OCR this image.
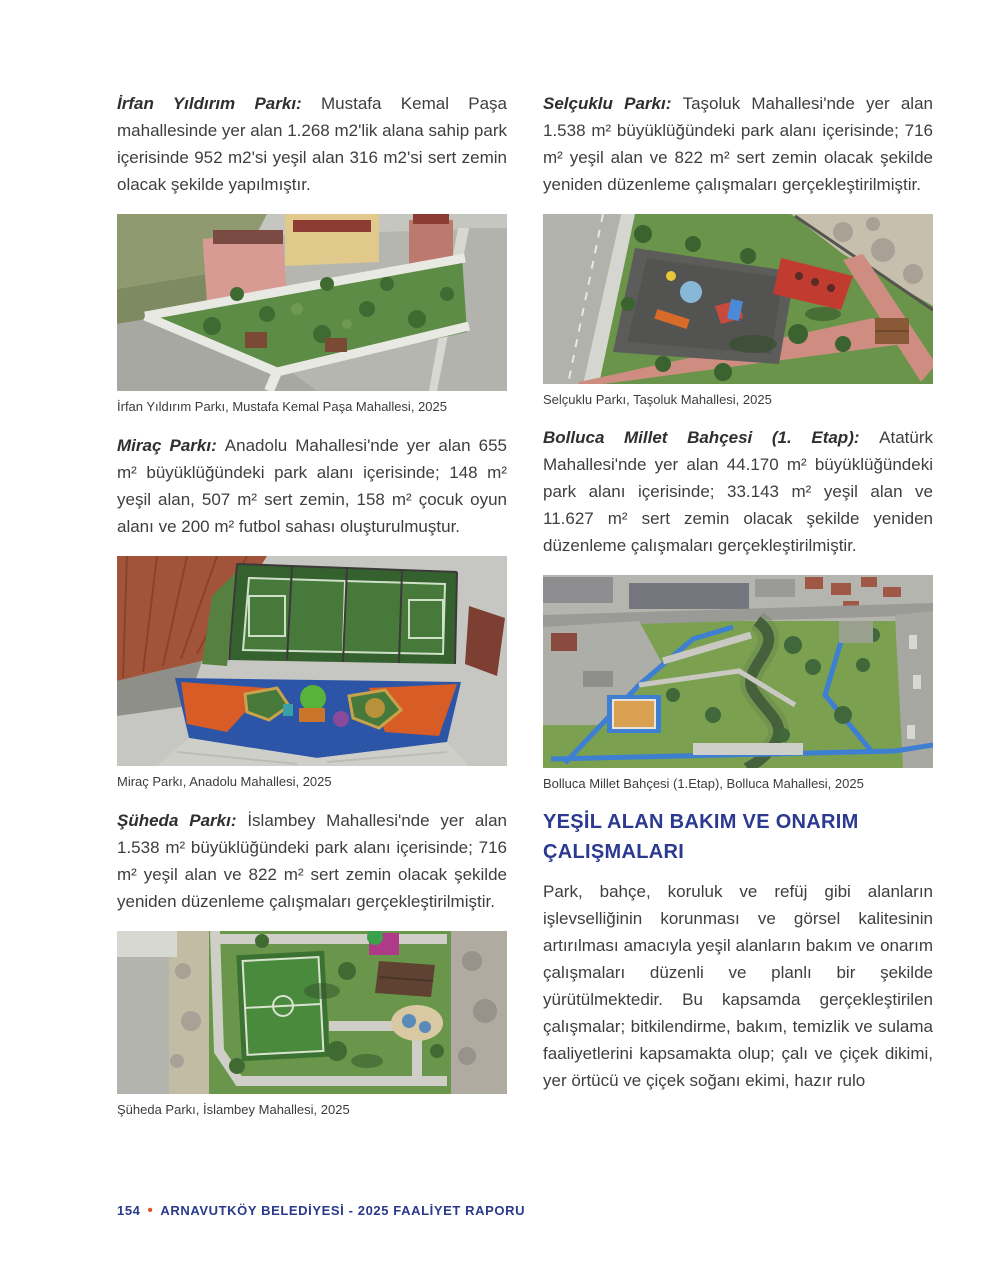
İrfan Yıldırım Parkı: Mustafa Kemal Paşa mahallesinde yer alan 1.268 m2'lik alana sahip park içerisinde 952 m2'si yeşil alan 316 m2'si sert zemin olacak şekilde yapılmıştır.

İrfan Yıldırım Parkı, Mustafa Kemal Paşa Mahallesi, 2025

Miraç Parkı: Anadolu Mahallesi'nde yer alan 655 m² büyüklüğündeki park alanı içerisinde; 148 m² yeşil alan, 507 m² sert zemin, 158 m² çocuk oyun alanı ve 200 m² futbol sahası oluşturulmuştur.

Miraç Parkı, Anadolu Mahallesi, 2025

Şüheda Parkı: İslambey Mahallesi'nde yer alan 1.538 m² büyüklüğündeki park alanı içerisinde; 716 m² yeşil alan ve 822 m² sert zemin olacak şekilde yeniden düzenleme çalışmaları gerçekleştirilmiştir.

Şüheda Parkı, İslambey Mahallesi, 2025

Selçuklu Parkı: Taşoluk Mahallesi'nde yer alan 1.538 m² büyüklüğündeki park alanı içerisinde; 716 m² yeşil alan ve 822 m² sert zemin olacak şekilde yeniden düzenleme çalışmaları gerçekleştirilmiştir.

Selçuklu Parkı, Taşoluk Mahallesi, 2025

Bolluca Millet Bahçesi (1. Etap): Atatürk Mahallesi'nde yer alan 44.170 m² büyüklüğündeki park alanı içerisinde; 33.143 m² yeşil alan ve 11.627 m² sert zemin olacak şekilde yeniden düzenleme çalışmaları gerçekleştirilmiştir.

Bolluca Millet Bahçesi (1.Etap), Bolluca Mahallesi, 2025
YEŞİL ALAN BAKIM VE ONARIM ÇALIŞMALARI

Park, bahçe, koruluk ve refüj gibi alanların işlevselliğinin korunması ve görsel kalitesinin artırılması amacıyla yeşil alanların bakım ve onarım çalışmaları düzenli ve planlı bir şekilde yürütülmektedir. Bu kapsamda gerçekleştirilen çalışmalar; bitkilendirme, bakım, temizlik ve sulama faaliyetlerini kapsamakta olup; çalı ve çiçek dikimi, yer örtücü ve çiçek soğanı ekimi, hazır rulo

154 • ARNAVUTKÖY BELEDİYESİ - 2025 FAALİYET RAPORU
